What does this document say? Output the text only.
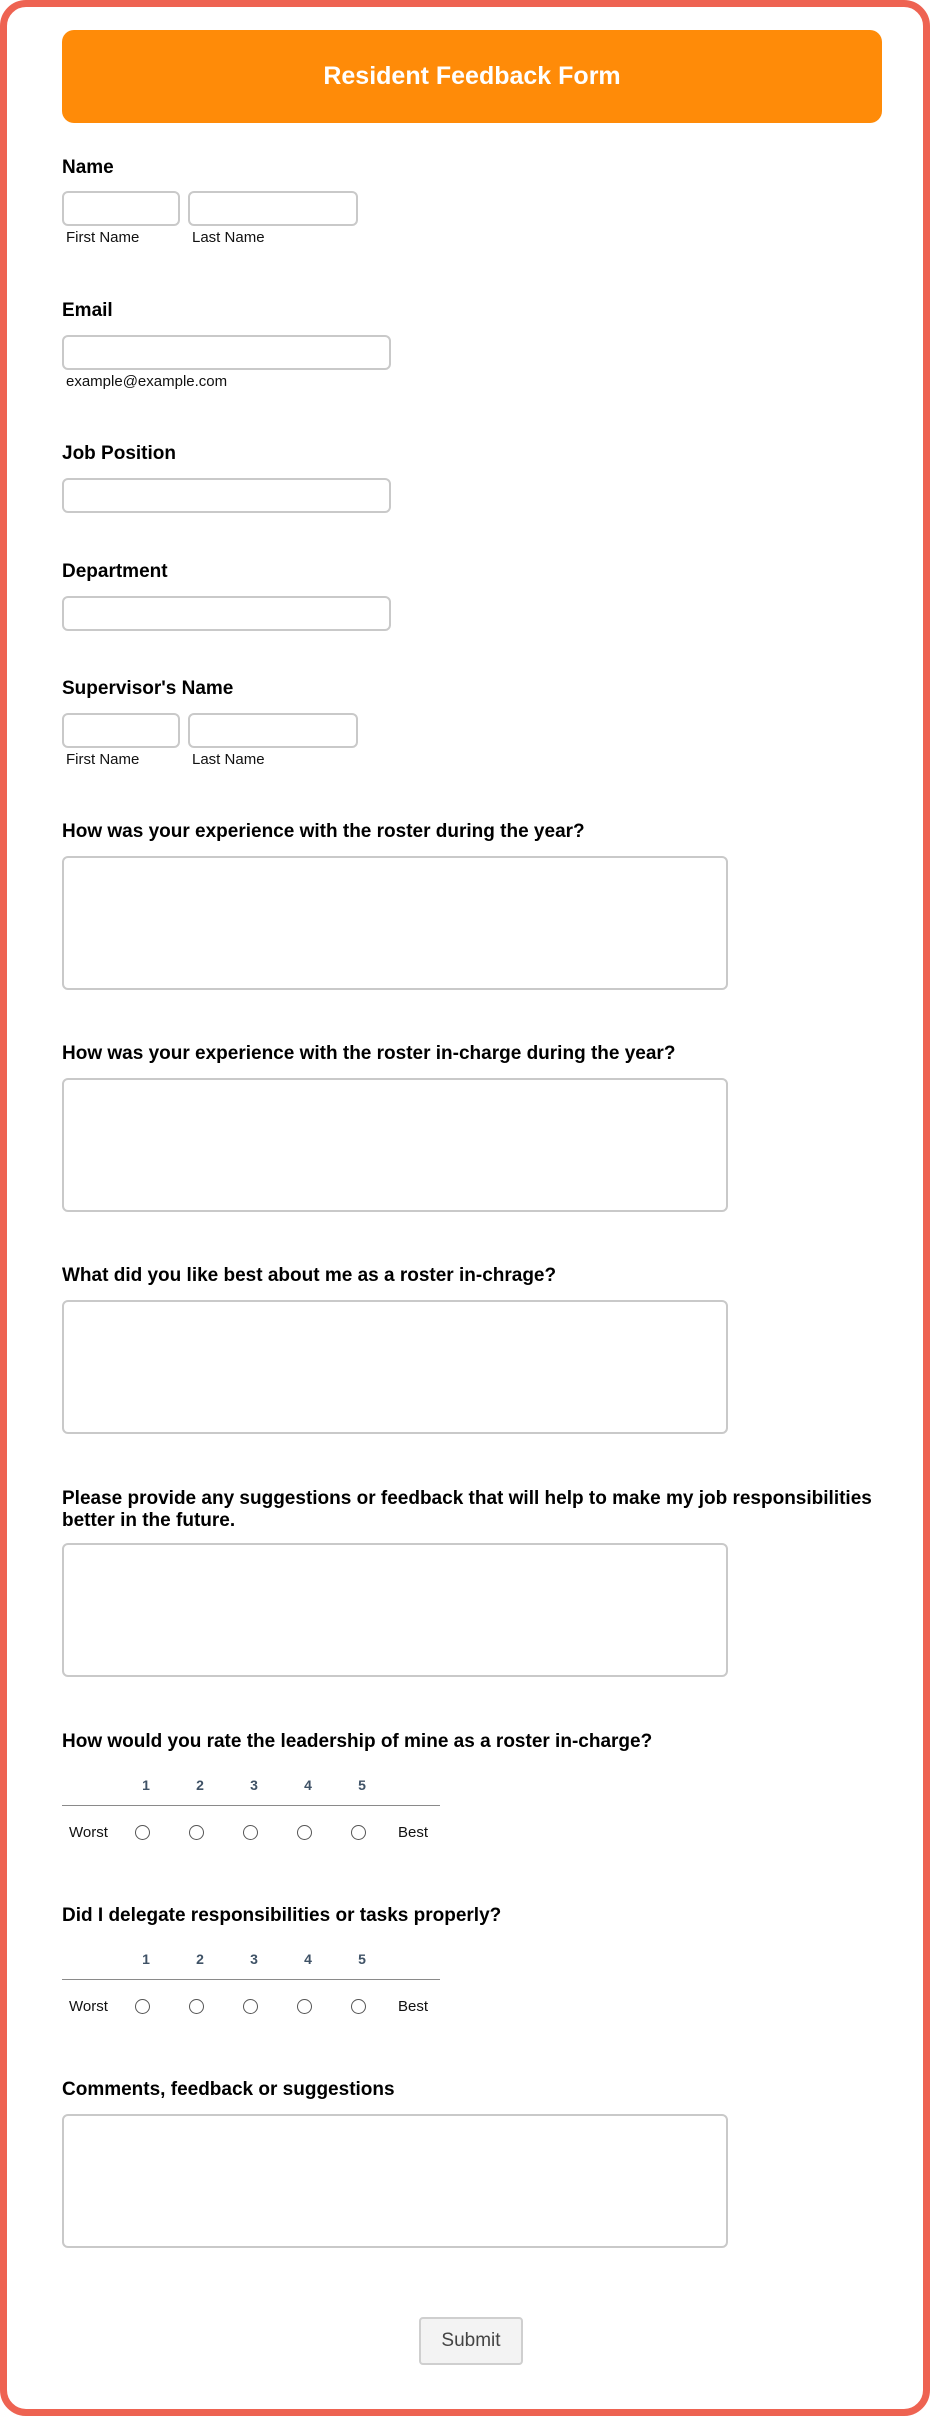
Resident Feedback Form
Name
First Name	Last Name
Email
example@example.com
Job Position
Department
Supervisor's Name
First Name	Last Name
How was your experience with the roster during the year?
How was your experience with the roster in-charge during the year?
What did you like best about me as a roster in-chrage?
Please provide any suggestions or feedback that will help to make my job responsibilities better in the future.
How would you rate the leadership of mine as a roster in-charge?
1	2	3	4	5
Worst	Best
Did I delegate responsibilities or tasks properly?
1	2	3	4	5
Worst	Best
Comments, feedback or suggestions
Submit
